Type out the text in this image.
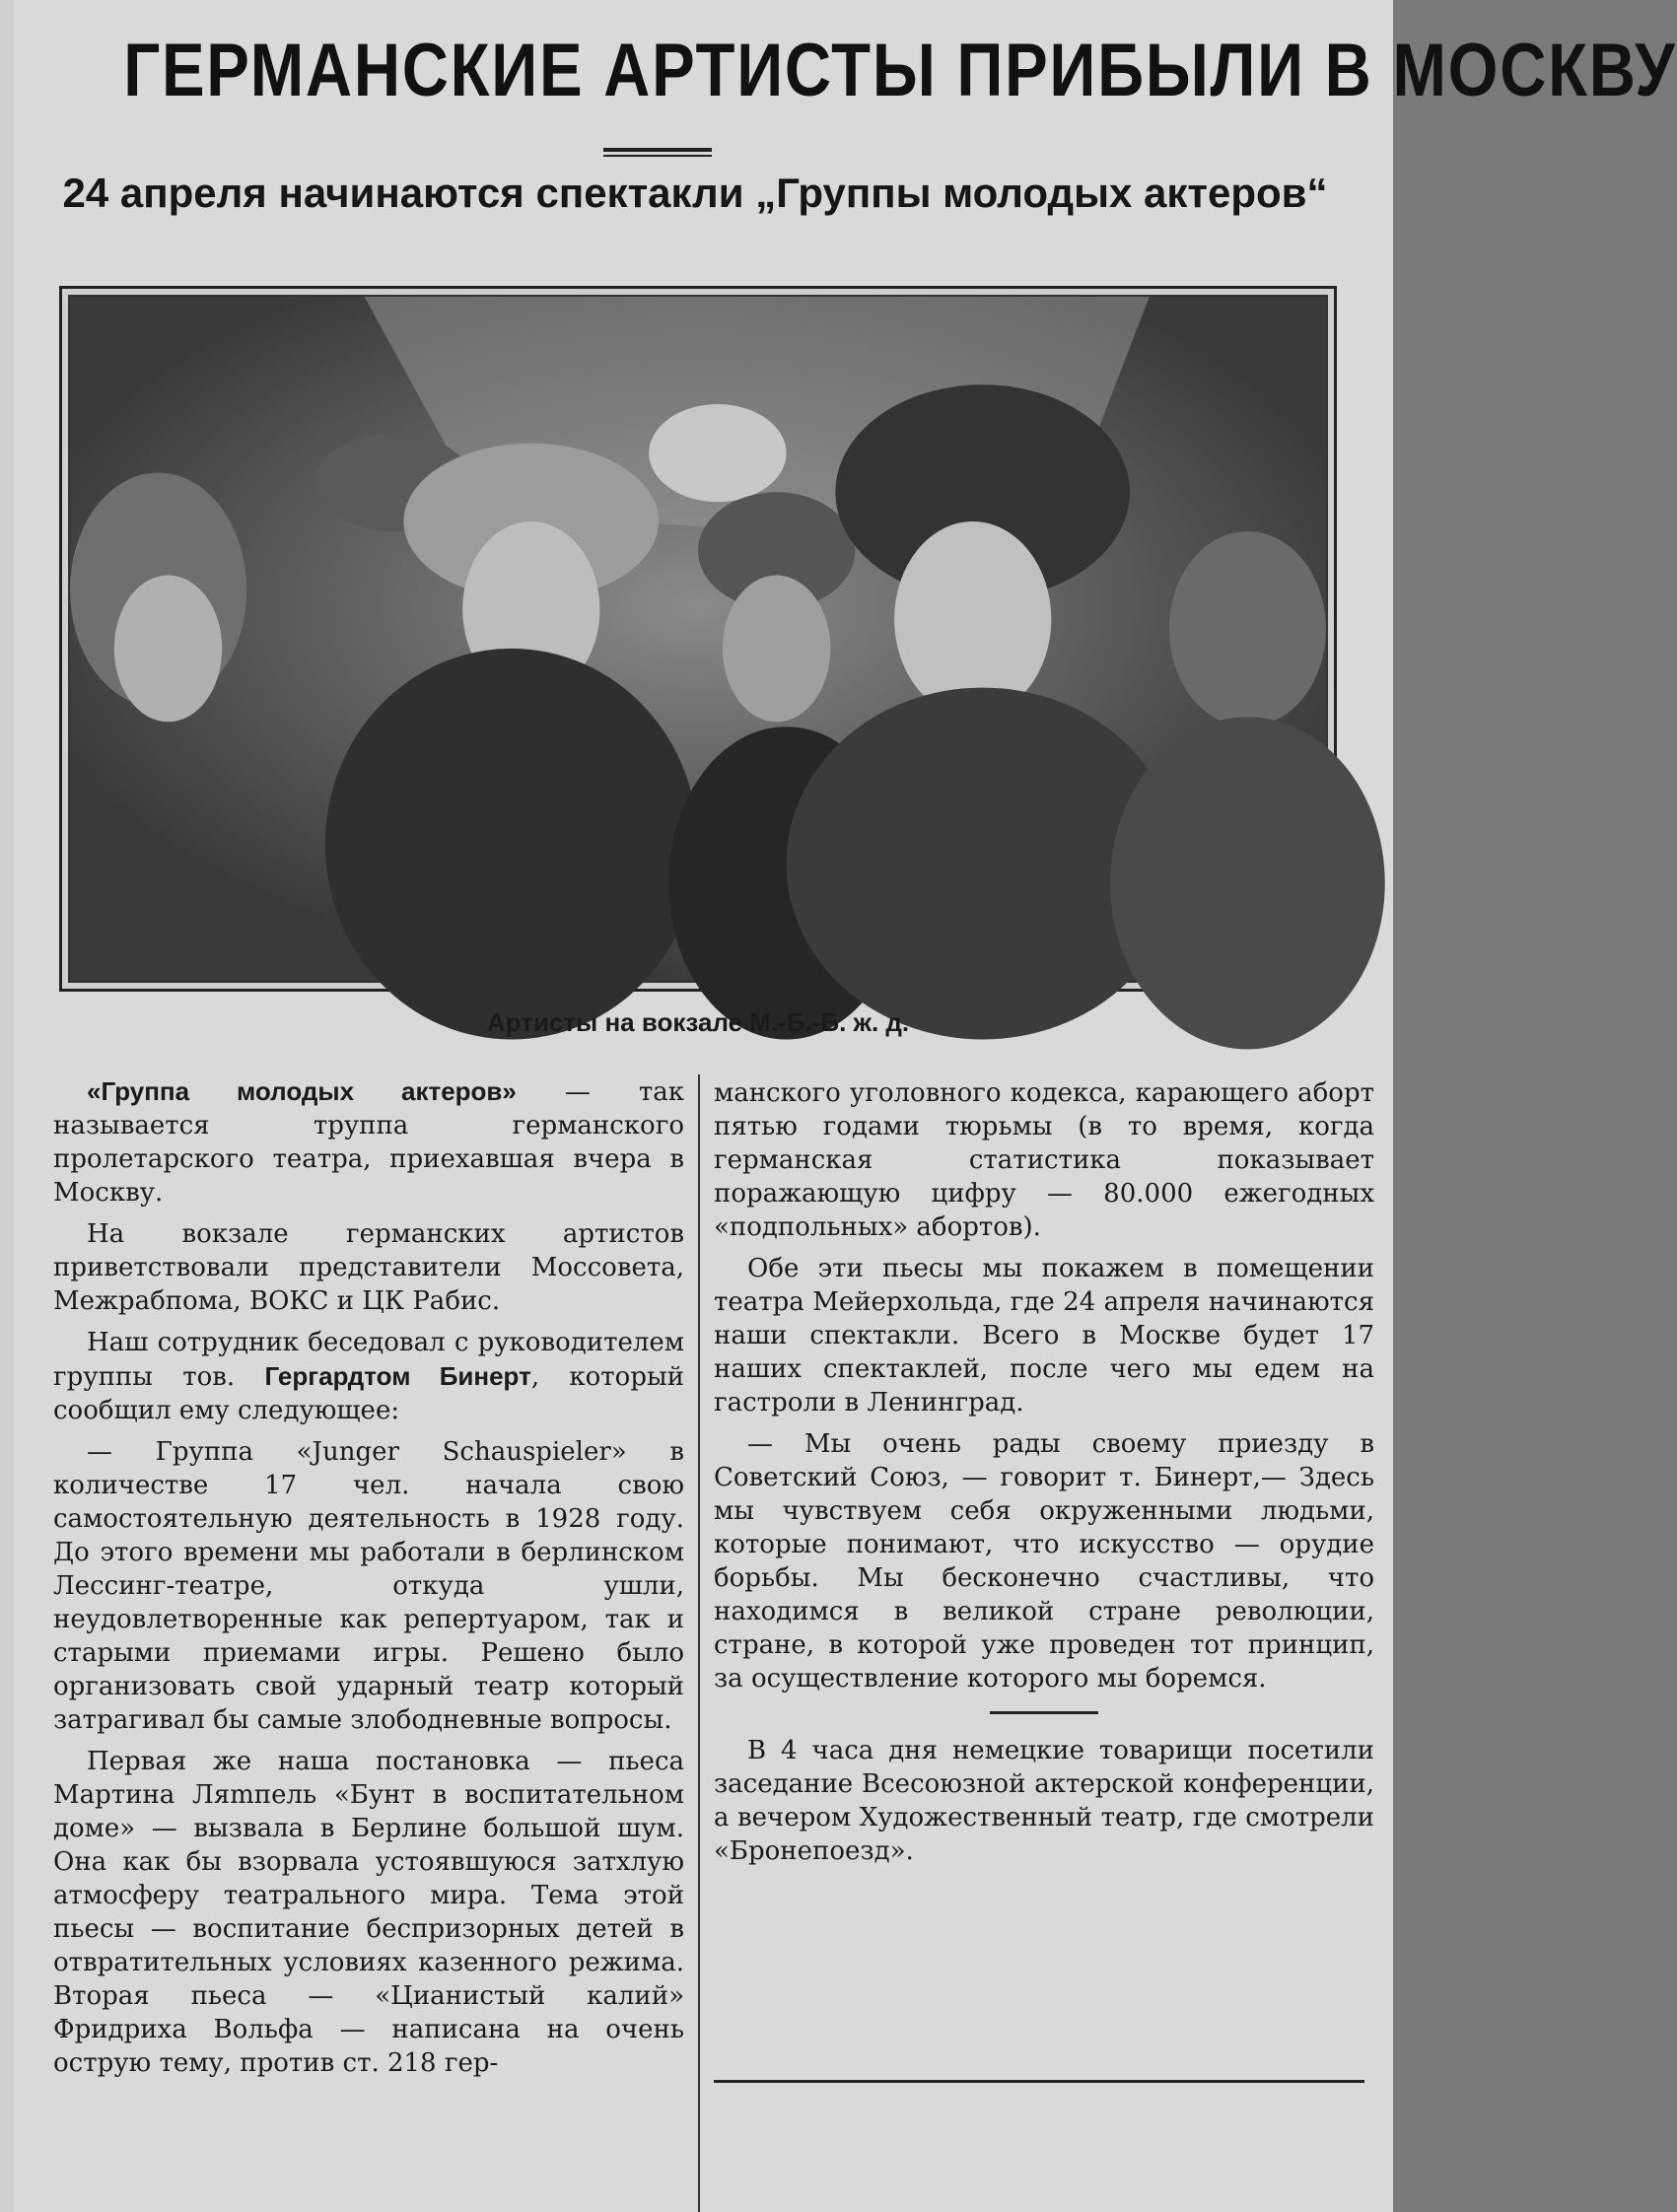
ГЕРМАНСКИЕ АРТИСТЫ ПРИБЫЛИ В МОСКВУ
24 апреля начинаются спектакли „Группы молодых актеров“
Артисты на вокзале М.-Б.-Б. ж. д.

«Группа молодых актеров» — так называется труппа германского пролетарского театра, приехавшая вчера в Москву.

На вокзале германских артистов приветствовали представители Моссовета, Межрабпома, ВОКС и ЦК Рабис.

Наш сотрудник беседовал с руководителем группы тов. Гергардтом Бинерт, который сообщил ему следующее:

— Группа «Junger Schauspieler» в количестве 17 чел. начала свою самостоятельную деятельность в 1928 году. До этого времени мы работали в берлинском Лессинг-театре, откуда ушли, неудовлетворенные как репертуаром, так и старыми приемами игры. Решено было организовать свой ударный театр который затрагивал бы самые злободневные вопросы.

Первая же наша постановка — пьеса Мартина Ляmпель «Бунт в воспитательном доме» — вызвала в Берлине большой шум. Она как бы взорвала устоявшуюся затхлую атмосферу театрального мира. Тема этой пьесы — воспитание беспризорных детей в отвратительных условиях казенного режима. Вторая пьеса — «Цианистый калий» Фридриха Вольфа — написана на очень острую тему, против ст. 218 гер-

манского уголовного кодекса, карающего аборт пятью годами тюрьмы (в то время, когда германская статистика показывает поражающую цифру — 80.000 ежегодных «подпольных» абортов).

Обе эти пьесы мы покажем в помещении театра Мейерхольда, где 24 апреля начинаются наши спектакли. Всего в Москве будет 17 наших спектаклей, после чего мы едем на гастроли в Ленинград.

— Мы очень рады своему приезду в Советский Союз, — говорит т. Бинерт,— Здесь мы чувствуем себя окруженными людьми, которые понимают, что искусство — орудие борьбы. Мы бесконечно счастливы, что находимся в великой стране революции, стране, в которой уже проведен тот принцип, за осуществление которого мы боремся.

В 4 часа дня немецкие товарищи посетили заседание Всесоюзной актерской конференции, а вечером Художественный театр, где смотрели «Бронепоезд».
